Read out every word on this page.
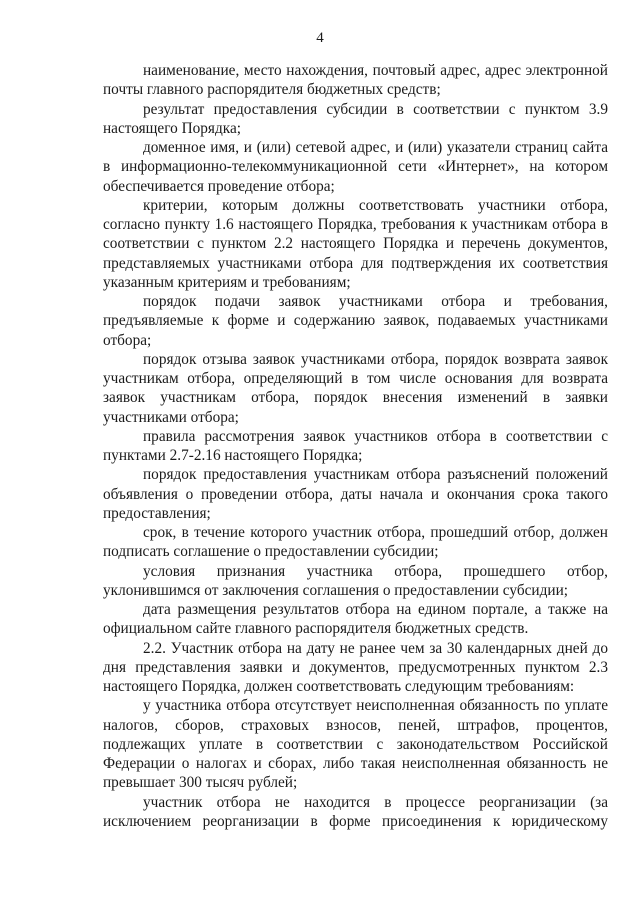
4

наименование, место нахождения, почтовый адрес, адрес электронной почты главного распорядителя бюджетных средств;

результат предоставления субсидии в соответствии с пунктом 3.9 настоящего Порядка;

доменное имя, и (или) сетевой адрес, и (или) указатели страниц сайта в информационно-телекоммуникационной сети «Интернет», на котором обеспечивается проведение отбора;

критерии, которым должны соответствовать участники отбора, согласно пункту 1.6 настоящего Порядка, требования к участникам отбора в соответствии с пунктом 2.2 настоящего Порядка и перечень документов, представляемых участниками отбора для подтверждения их соответствия указанным критериям и требованиям;

порядок подачи заявок участниками отбора и требования, предъявляемые к форме и содержанию заявок, подаваемых участниками отбора;

порядок отзыва заявок участниками отбора, порядок возврата заявок участникам отбора, определяющий в том числе основания для возврата заявок участникам отбора, порядок внесения изменений в заявки участниками отбора;

правила рассмотрения заявок участников отбора в соответствии с пунктами 2.7-2.16 настоящего Порядка;

порядок предоставления участникам отбора разъяснений положений объявления о проведении отбора, даты начала и окончания срока такого предоставления;

срок, в течение которого участник отбора, прошедший отбор, должен подписать соглашение о предоставлении субсидии;

условия признания участника отбора, прошедшего отбор, уклонившимся от заключения соглашения о предоставлении субсидии;

дата размещения результатов отбора на едином портале, а также на официальном сайте главного распорядителя бюджетных средств.

2.2. Участник отбора на дату не ранее чем за 30 календарных дней до дня представления заявки и документов, предусмотренных пунктом 2.3 настоящего Порядка, должен соответствовать следующим требованиям:

у участника отбора отсутствует неисполненная обязанность по уплате налогов, сборов, страховых взносов, пеней, штрафов, процентов, подлежащих уплате в соответствии с законодательством Российской Федерации о налогах и сборах, либо такая неисполненная обязанность не превышает 300 тысяч рублей;

участник отбора не находится в процессе реорганизации (за исключением реорганизации в форме присоединения к юридическому
